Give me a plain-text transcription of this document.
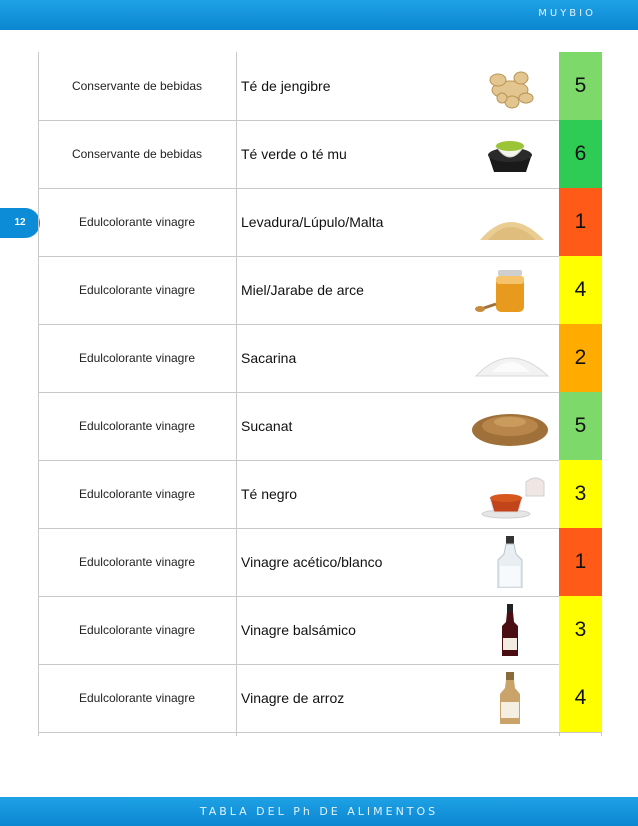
MUYBIO
12
Conservante de bebidas	Té de jengibre	5
Conservante de bebidas	Té verde o té mu	6
Edulcolorante vinagre	Levadura/Lúpulo/Malta	1
Edulcolorante vinagre	Miel/Jarabe de arce	4
Edulcolorante vinagre	Sacarina	2
Edulcolorante vinagre	Sucanat	5
Edulcolorante vinagre	Té negro	3
Edulcolorante vinagre	Vinagre acético/blanco	1
Edulcolorante vinagre	Vinagre balsámico	3
Edulcolorante vinagre	Vinagre de arroz	4
TABLA DEL Ph DE ALIMENTOS
